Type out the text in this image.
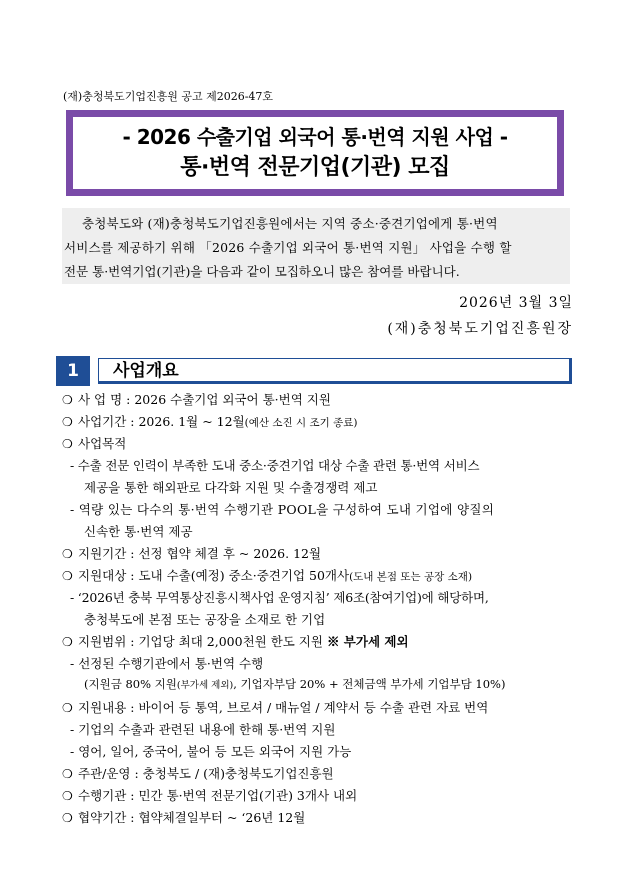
(재)충청북도기업진흥원 공고 제2026-47호
- 2026 수출기업 외국어 통·번역 지원 사업 -
통·번역 전문기업(기관) 모집

충청북도와 (재)충청북도기업진흥원에서는 지역 중소·중견기업에게 통·번역

서비스를 제공하기 위해 「2026 수출기업 외국어 통·번역 지원」 사업을 수행 할

전문 통·번역기업(기관)을 다음과 같이 모집하오니 많은 참여를 바랍니다.

2026년 3월 3일
(재)충청북도기업진흥원장
1	사업개요
❍ 사 업 명 : 2026 수출기업 외국어 통·번역 지원
❍ 사업기간 : 2026. 1월 ~ 12월(예산 소진 시 조기 종료)
❍ 사업목적
- 수출 전문 인력이 부족한 도내 중소·중견기업 대상 수출 관련 통·번역 서비스
제공을 통한 해외판로 다각화 지원 및 수출경쟁력 제고
- 역량 있는 다수의 통·번역 수행기관 POOL을 구성하여 도내 기업에 양질의
신속한 통·번역 제공
❍ 지원기간 : 선정 협약 체결 후 ~ 2026. 12월
❍ 지원대상 : 도내 수출(예정) 중소·중견기업 50개사(도내 본점 또는 공장 소재)
- ‘2026년 충북 무역통상진흥시책사업 운영지침’ 제6조(참여기업)에 해당하며,
충청북도에 본점 또는 공장을 소재로 한 기업
❍ 지원범위 : 기업당 최대 2,000천원 한도 지원 ※ 부가세 제외
- 선정된 수행기관에서 통·번역 수행
(지원금 80% 지원(부가세 제외), 기업자부담 20% + 전체금액 부가세 기업부담 10%)
❍ 지원내용 : 바이어 등 통역, 브로셔 / 매뉴얼 / 계약서 등 수출 관련 자료 번역
- 기업의 수출과 관련된 내용에 한해 통·번역 지원
- 영어, 일어, 중국어, 불어 등 모든 외국어 지원 가능
❍ 주관/운영 : 충청북도 / (재)충청북도기업진흥원
❍ 수행기관 : 민간 통·번역 전문기업(기관) 3개사 내외
❍ 협약기간 : 협약체결일부터 ~ ‘26년 12월
